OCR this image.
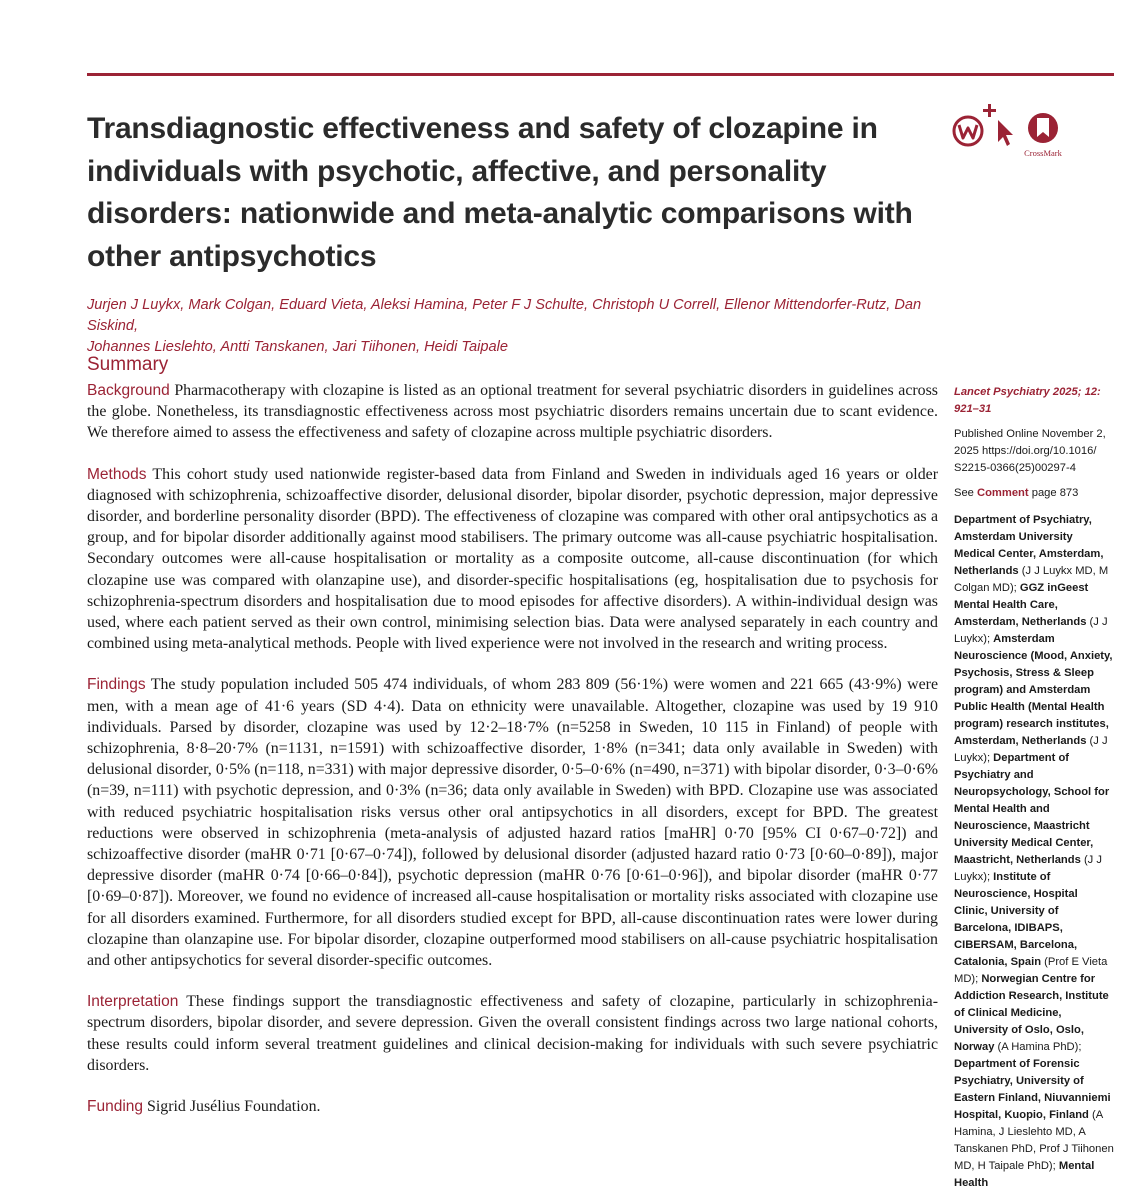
Transdiagnostic effectiveness and safety of clozapine in individuals with psychotic, affective, and personality disorders: nationwide and meta-analytic comparisons with other antipsychotics
CrossMark
Jurjen J Luykx, Mark Colgan, Eduard Vieta, Aleksi Hamina, Peter F J Schulte, Christoph U Correll, Ellenor Mittendorfer-Rutz, Dan Siskind,
Johannes Lieslehto, Antti Tanskanen, Jari Tiihonen, Heidi Taipale
Summary

Background Pharmacotherapy with clozapine is listed as an optional treatment for several psychiatric disorders in guidelines across the globe. Nonetheless, its transdiagnostic effectiveness across most psychiatric disorders remains uncertain due to scant evidence. We therefore aimed to assess the effectiveness and safety of clozapine across multiple psychiatric disorders.

Methods This cohort study used nationwide register-based data from Finland and Sweden in individuals aged 16 years or older diagnosed with schizophrenia, schizoaffective disorder, delusional disorder, bipolar disorder, psychotic depression, major depressive disorder, and borderline personality disorder (BPD). The effectiveness of clozapine was compared with other oral antipsychotics as a group, and for bipolar disorder additionally against mood stabilisers. The primary outcome was all-cause psychiatric hospitalisation. Secondary outcomes were all-cause hospitalisation or mortality as a composite outcome, all-cause discontinuation (for which clozapine use was compared with olanzapine use), and disorder-specific hospitalisations (eg, hospitalisation due to psychosis for schizophrenia-spectrum disorders and hospitalisation due to mood episodes for affective disorders). A within-individual design was used, where each patient served as their own control, minimising selection bias. Data were analysed separately in each country and combined using meta-analytical methods. People with lived experience were not involved in the research and writing process.

Findings The study population included 505 474 individuals, of whom 283 809 (56·1%) were women and 221 665 (43·9%) were men, with a mean age of 41·6 years (SD 4·4). Data on ethnicity were unavailable. Altogether, clozapine was used by 19 910 individuals. Parsed by disorder, clozapine was used by 12·2–18·7% (n=5258 in Sweden, 10 115 in Finland) of people with schizophrenia, 8·8–20·7% (n=1131, n=1591) with schizoaffective disorder, 1·8% (n=341; data only available in Sweden) with delusional disorder, 0·5% (n=118, n=331) with major depressive disorder, 0·5–0·6% (n=490, n=371) with bipolar disorder, 0·3–0·6% (n=39, n=111) with psychotic depression, and 0·3% (n=36; data only available in Sweden) with BPD. Clozapine use was associated with reduced psychiatric hospitalisation risks versus other oral antipsychotics in all disorders, except for BPD. The greatest reductions were observed in schizophrenia (meta-analysis of adjusted hazard ratios [maHR] 0·70 [95% CI 0·67–0·72]) and schizoaffective disorder (maHR 0·71 [0·67–0·74]), followed by delusional disorder (adjusted hazard ratio 0·73 [0·60–0·89]), major depressive disorder (maHR 0·74 [0·66–0·84]), psychotic depression (maHR 0·76 [0·61–0·96]), and bipolar disorder (maHR 0·77 [0·69–0·87]). Moreover, we found no evidence of increased all-cause hospitalisation or mortality risks associated with clozapine use for all disorders examined. Furthermore, for all disorders studied except for BPD, all-cause discontinuation rates were lower during clozapine than olanzapine use. For bipolar disorder, clozapine outperformed mood stabilisers on all-cause psychiatric hospitalisation and other antipsychotics for several disorder-specific outcomes.

Interpretation These findings support the transdiagnostic effectiveness and safety of clozapine, particularly in schizophrenia-spectrum disorders, bipolar disorder, and severe depression. Given the overall consistent findings across two large national cohorts, these results could inform several treatment guidelines and clinical decision-making for individuals with such severe psychiatric disorders.

Funding Sigrid Jusélius Foundation.

Lancet Psychiatry 2025; 12: 921–31
Published Online November 2, 2025 https://doi.org/10.1016/ S2215-0366(25)00297-4
See Comment page 873
Department of Psychiatry, Amsterdam University Medical Center, Amsterdam, Netherlands (J J Luykx MD, M Colgan MD); GGZ inGeest Mental Health Care, Amsterdam, Netherlands (J J Luykx); Amsterdam Neuroscience (Mood, Anxiety, Psychosis, Stress & Sleep program) and Amsterdam Public Health (Mental Health program) research institutes, Amsterdam, Netherlands (J J Luykx); Department of Psychiatry and Neuropsychology, School for Mental Health and Neuroscience, Maastricht University Medical Center, Maastricht, Netherlands (J J Luykx); Institute of Neuroscience, Hospital Clinic, University of Barcelona, IDIBAPS, CIBERSAM, Barcelona, Catalonia, Spain (Prof E Vieta MD); Norwegian Centre for Addiction Research, Institute of Clinical Medicine, University of Oslo, Oslo, Norway (A Hamina PhD); Department of Forensic Psychiatry, University of Eastern Finland, Niuvanniemi Hospital, Kuopio, Finland (A Hamina, J Lieslehto MD, A Tanskanen PhD, Prof J Tiihonen MD, H Taipale PhD); Mental Health
